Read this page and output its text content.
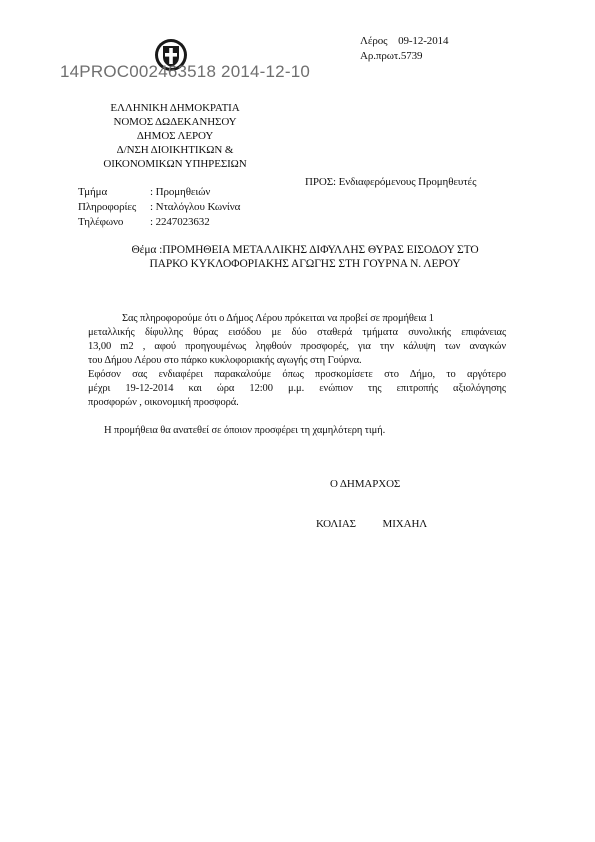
14PROC002463518 2014-12-10
Λέρος 09-12-2014
Αρ.πρωτ.5739
ΕΛΛΗΝΙΚΗ ΔΗΜΟΚΡΑΤΙΑ
ΝΟΜΟΣ ΔΩΔΕΚΑΝΗΣΟΥ
ΔΗΜΟΣ ΛΕΡΟΥ
Δ/ΝΣΗ ΔΙΟΙΚΗΤΙΚΩΝ &
ΟΙΚΟΝΟΜΙΚΩΝ ΥΠΗΡΕΣΙΩΝ
ΠΡΟΣ: Ενδιαφερόμενους Προμηθευτές
Τμήμα	: Προμηθειών
Πληροφορίες : Νταλόγλου Κωνίνα
Τηλέφωνο : 2247023632
Θέμα :ΠΡΟΜΗΘΕΙΑ ΜΕΤΑΛΛΙΚΗΣ ΔΙΦΥΛΛΗΣ ΘΥΡΑΣ ΕΙΣΟΔΟΥ ΣΤΟ
ΠΑΡΚΟ ΚΥΚΛΟΦΟΡΙΑΚΗΣ ΑΓΩΓΗΣ ΣΤΗ ΓΟΥΡΝΑ Ν. ΛΕΡΟΥ
Σας πληροφορούμε ότι ο Δήμος Λέρου πρόκειται να προβεί σε προμήθεια 1
μεταλλικής δίφυλλης θύρας εισόδου με δύο σταθερά τμήματα συνολικής επιφάνειας
13,00 m2 , αφού προηγουμένως ληφθούν προσφορές, για την κάλυψη των αναγκών
του Δήμου Λέρου στο πάρκο κυκλοφοριακής αγωγής στη Γούρνα.
Εφόσον σας ενδιαφέρει παρακαλούμε όπως προσκομίσετε στο Δήμο, το αργότερο
μέχρι 19-12-2014 και ώρα 12:00 μ.μ. ενώπιον της επιτροπής αξιολόγησης
προσφορών , οικονομική προσφορά.
Η προμήθεια θα ανατεθεί σε όποιον προσφέρει τη χαμηλότερη τιμή.
Ο ΔΗΜΑΡΧΟΣ
ΚΟΛΙΑΣ ΜΙΧΑΗΛ
